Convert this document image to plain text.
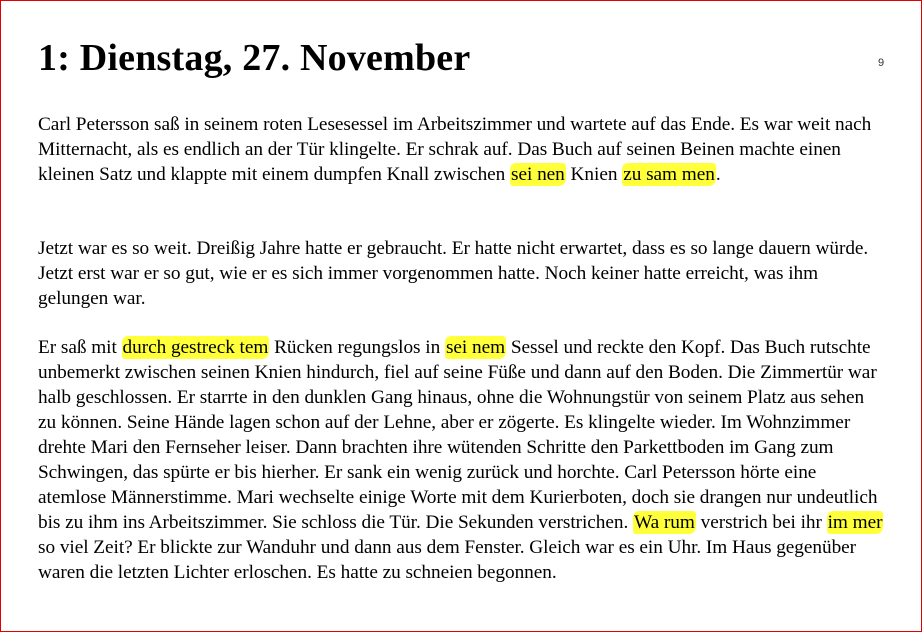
1: Dienstag, 27. November	9

Carl Petersson saß in seinem roten Lesesessel im Arbeitszimmer und wartete auf das Ende. Es war weit nach Mitternacht, als es endlich an der Tür klingelte. Er schrak auf. Das Buch auf seinen Beinen machte einen kleinen Satz und klappte mit einem dumpfen Knall zwischen sei nen Knien zu sam men.

Jetzt war es so weit. Dreißig Jahre hatte er gebraucht. Er hatte nicht erwartet, dass es so lange dauern würde. Jetzt erst war er so gut, wie er es sich immer vorgenommen hatte. Noch keiner hatte erreicht, was ihm gelungen war.

Er saß mit durch gestreck tem Rücken regungslos in sei nem Sessel und reckte den Kopf. Das Buch rutschte unbemerkt zwischen seinen Knien hindurch, fiel auf seine Füße und dann auf den Boden. Die Zimmertür war halb geschlossen. Er starrte in den dunklen Gang hinaus, ohne die Wohnungstür von seinem Platz aus sehen zu können. Seine Hände lagen schon auf der Lehne, aber er zögerte. Es klingelte wieder. Im Wohnzimmer drehte Mari den Fernseher leiser. Dann brachten ihre wütenden Schritte den Parkettboden im Gang zum Schwingen, das spürte er bis hierher. Er sank ein wenig zurück und horchte. Carl Petersson hörte eine atemlose Männerstimme. Mari wechselte einige Worte mit dem Kurierboten, doch sie drangen nur undeutlich bis zu ihm ins Arbeitszimmer. Sie schloss die Tür. Die Sekunden verstrichen. Wa rum verstrich bei ihr im mer so viel Zeit? Er blickte zur Wanduhr und dann aus dem Fenster. Gleich war es ein Uhr. Im Haus gegenüber waren die letzten Lichter erloschen. Es hatte zu schneien begonnen.
